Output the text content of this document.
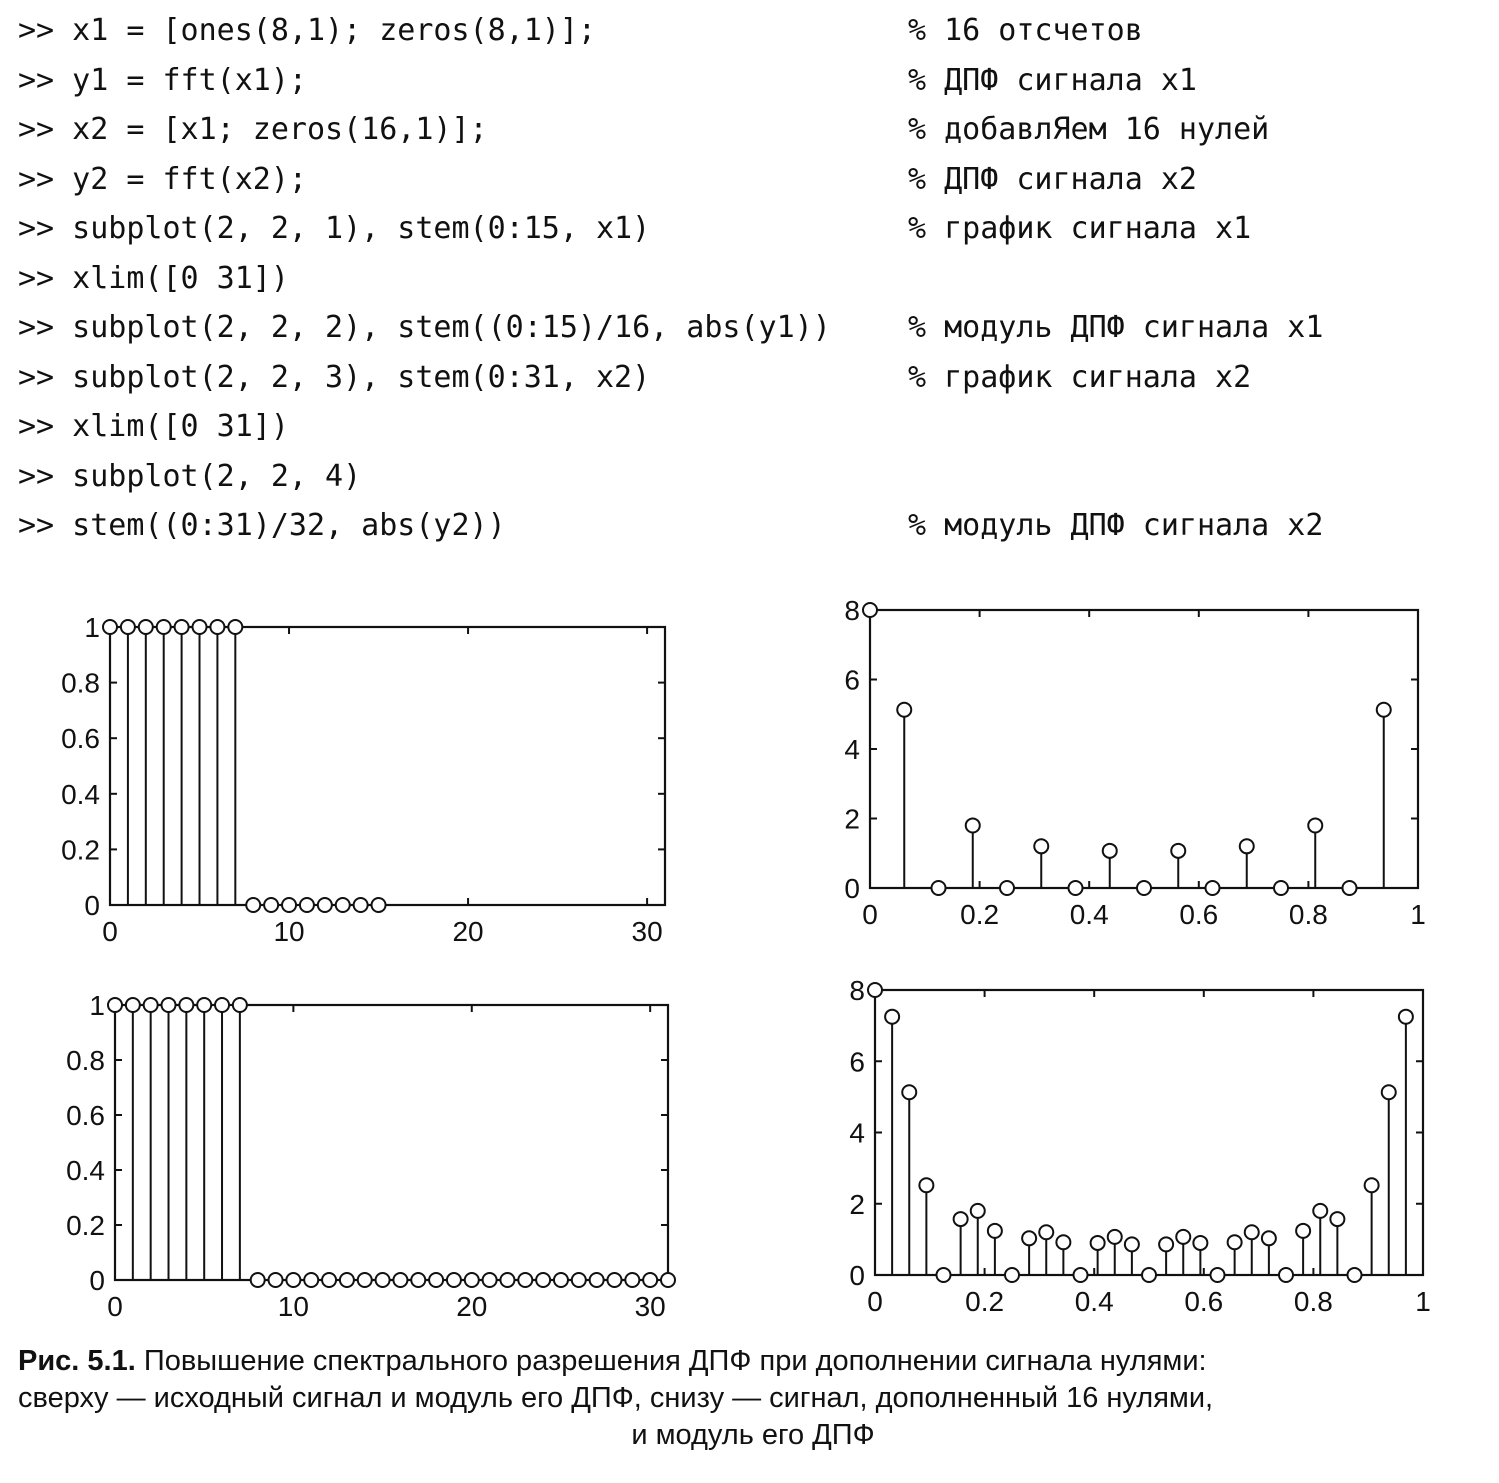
>> x1 = [ones(8,1); zeros(8,1)];	% 16 отсчетов
>> y1 = fft(x1);	% ДПФ сигнала x1
>> x2 = [x1; zeros(16,1)];	% добавлЯем 16 нулей
>> y2 = fft(x2);	% ДПФ сигнала x2
>> subplot(2, 2, 1), stem(0:15, x1)	% график сигнала x1
>> xlim([0 31])
>> subplot(2, 2, 2), stem((0:15)/16, abs(y1))	% модуль ДПФ сигнала x1
>> subplot(2, 2, 3), stem(0:31, x2)	% график сигнала x2
>> xlim([0 31])
>> subplot(2, 2, 4)
>> stem((0:31)/32, abs(y2))	% модуль ДПФ сигнала x2
0	10	20	30
0
0.2
0.4
0.6
0.8
1
0	0.2	0.4	0.6	0.8	1
0
2
4
6
8
0	10	20	30
0
0.2
0.4
0.6
0.8
1
0	0.2	0.4	0.6	0.8	1
0
2
4
6
8
Рис. 5.1. Повышение спектрального разрешения ДПФ при дополнении сигнала нулями:
сверху — исходный сигнал и модуль его ДПФ, снизу — сигнал, дополненный 16 нулями,
и модуль его ДПФ
